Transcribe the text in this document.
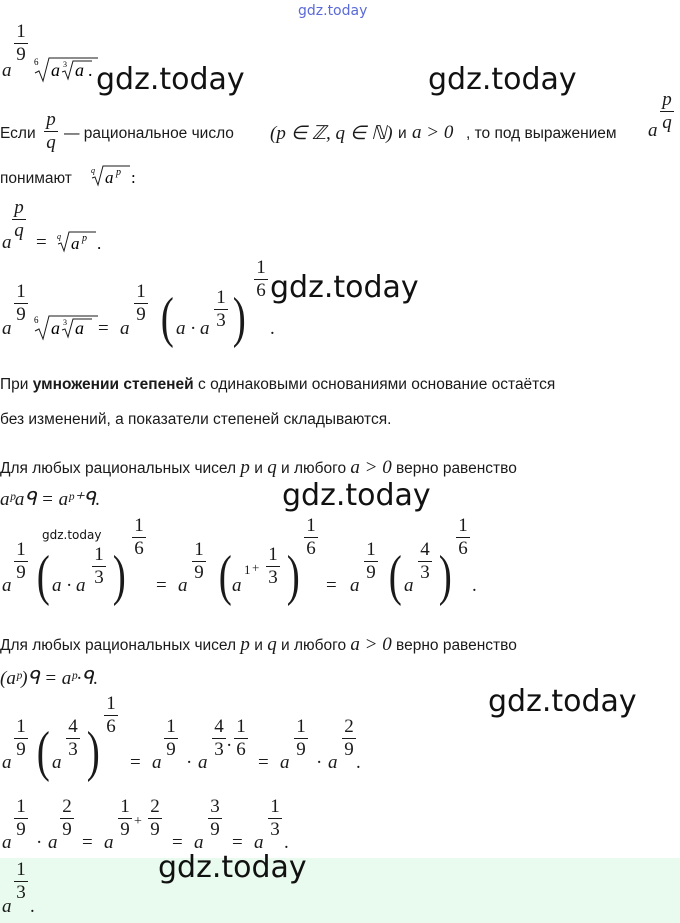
gdz.today
a
1
9 6 a 3 a . gdz.today	gdz.today
Если
p
q — рациональное число (p ∈ ℤ, q ∈ ℕ) и a > 0 , то под выражением a
p
q
понимают q a p :
a
p
q
= q a p .
a
1
9 6 a 3 a = a
1
9 ( a · a
1
3 )
1
6
.
gdz.today
При умножении степеней с одинаковыми основаниями основание остаётся
без изменений, а показатели степеней складываются.
Для любых рациональных чисел p и q и любого a > 0 верно равенство
aᵖaᑫ = aᵖ⁺ᑫ.	gdz.today
gdz.today
a
1
9 ( a · a
1
3 )
1
6
= a
1
9 ( a
1 +
1
3 )
1
6
= a
1
9 ( a
4
3 )
1
6
.
Для любых рациональных чисел p и q и любого a > 0 верно равенство
(aᵖ)ᑫ = aᵖ·ᑫ.
gdz.today
a
1
9 ( a
4
3 )
1
6
= a
1
9
· a
4
3 ·
1
6
= a
1
9
· a
2
9
.
a
1
9
· a
2
9
= a
1
9 +
2
9
= a
3
9
= a
1
3
.
a
1
3
.
gdz.today
